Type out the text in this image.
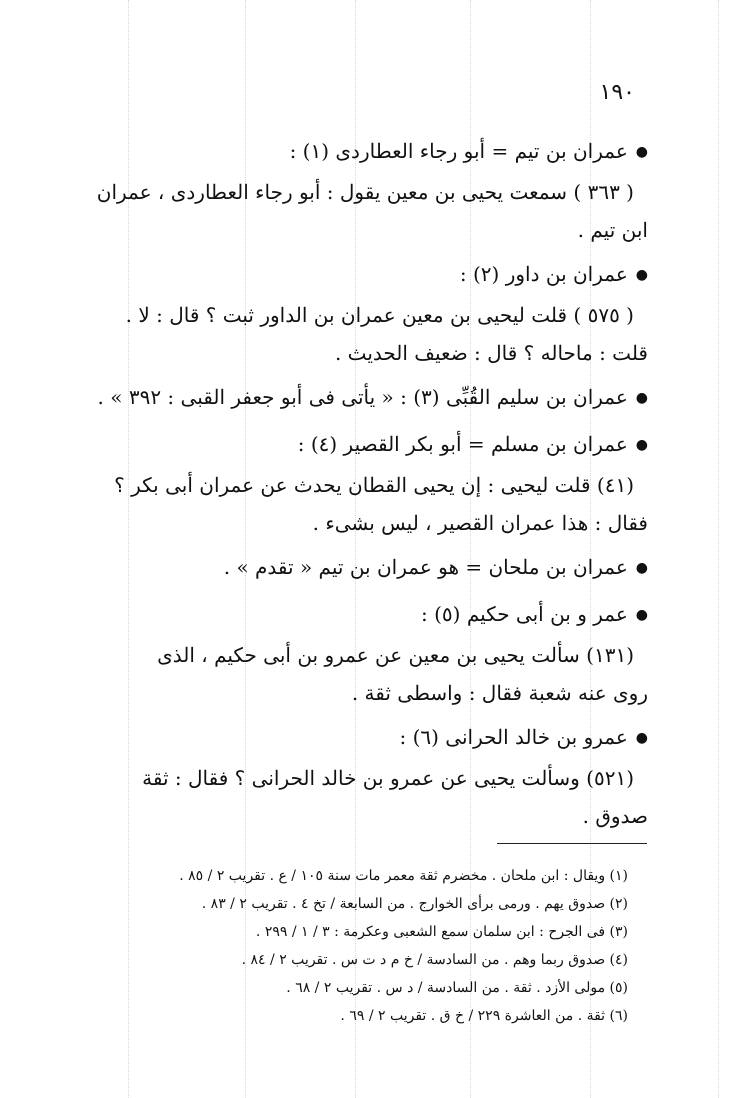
١٩٠
● عمران بن تيم = أبو رجاء العطاردى (١) :
( ٣٦٣ ) سمعت يحيى بن معين يقول : أبو رجاء العطاردى ، عمران
ابن تيم .
● عمران بن داور (٢) :
( ٥٧٥ ) قلت ليحيى بن معين عمران بن الداور ثبت ؟ قال : لا .
قلت : ماحاله ؟ قال : ضعيف الحديث .
● عمران بن سليم القُبِّى (٣) : « يأتى فى أبو جعفر القبى : ٣٩٢ » .
● عمران بن مسلم = أبو بكر القصير (٤) :
(٤١) قلت ليحيى : إن يحيى القطان يحدث عن عمران أبى بكر ؟
فقال : هذا عمران القصير ، ليس بشىء .
● عمران بن ملحان = هو عمران بن تيم « تقدم » .
● عمر و بن أبى حكيم (٥) :
(١٣١) سألت يحيى بن معين عن عمرو بن أبى حكيم ، الذى
روى عنه شعبة فقال : واسطى ثقة .
● عمرو بن خالد الحرانى (٦) :
(٥٢١) وسألت يحيى عن عمرو بن خالد الحرانى ؟ فقال : ثقة
صدوق .
(١) ويقال : ابن ملحان . مخضرم ثقة معمر مات سنة ١٠٥ / ع . تقريب ٢ / ٨٥ .
(٢) صدوق يهم . ورمى برأى الخوارج . من السابعة / تخ ٤ . تقريب ٢ / ٨٣ .
(٣) فى الجرح : ابن سلمان سمع الشعبى وعكرمة : ٣ / ١ / ٢٩٩ .
(٤) صدوق ربما وهم . من السادسة / خ م د ت س . تقريب ٢ / ٨٤ .
(٥) مولى الأزد . ثقة . من السادسة / د س . تقريب ٢ / ٦٨ .
(٦) ثقة . من العاشرة ٢٢٩ / خ ق . تقريب ٢ / ٦٩ .
